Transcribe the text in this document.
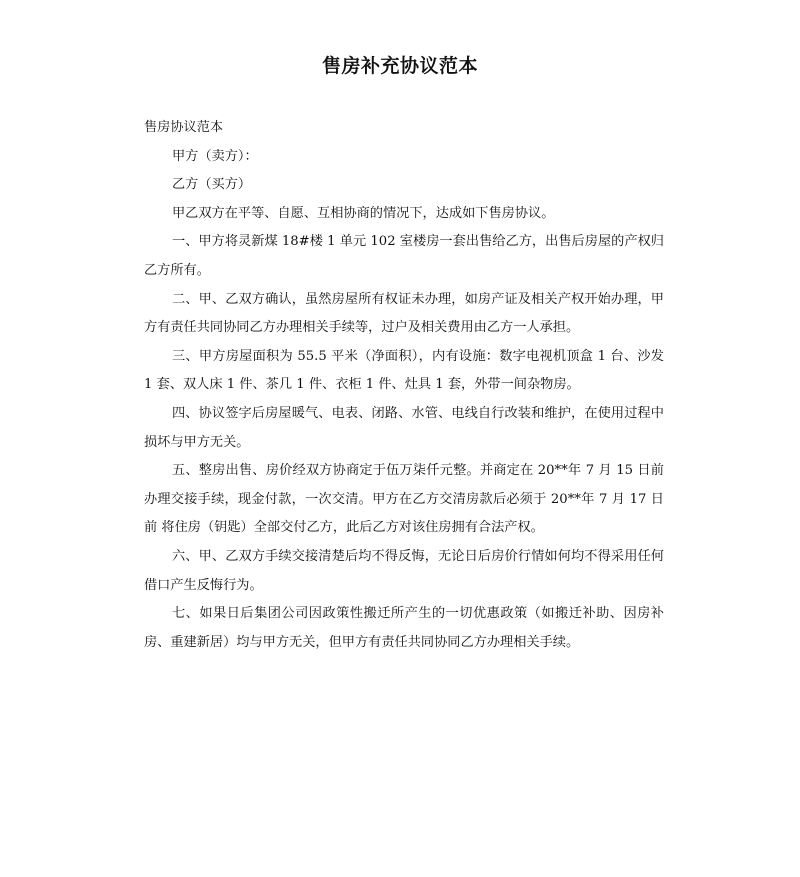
售房补充协议范本

售房协议范本

甲方（卖方）：

乙方（买方）

甲乙双方在平等、自愿、互相协商的情况下，达成如下售房协议。

一、甲方将灵新煤 18#楼 1 单元 102 室楼房一套出售给乙方，出售后房屋的产权归乙方所有。

二、甲、乙双方确认，虽然房屋所有权证未办理，如房产证及相关产权开始办理，甲方有责任共同协同乙方办理相关手续等，过户及相关费用由乙方一人承担。

三、甲方房屋面积为 55.5 平米（净面积），内有设施：数字电视机顶盒 1 台、沙发 1 套、双人床 1 件、茶几 1 件、衣柜 1 件、灶具 1 套，外带一间杂物房。

四、协议签字后房屋暖气、电表、闭路、水管、电线自行改装和维护，在使用过程中损坏与甲方无关。

五、整房出售、房价经双方协商定于伍万柒仟元整。并商定在 20**年 7 月 15 日前办理交接手续，现金付款，一次交清。甲方在乙方交清房款后必须于 20**年 7 月 17 日前 将住房（钥匙）全部交付乙方，此后乙方对该住房拥有合法产权。

六、甲、乙双方手续交接清楚后均不得反悔，无论日后房价行情如何均不得采用任何借口产生反悔行为。

七、如果日后集团公司因政策性搬迁所产生的一切优惠政策（如搬迁补助、因房补房、重建新居）均与甲方无关，但甲方有责任共同协同乙方办理相关手续。
